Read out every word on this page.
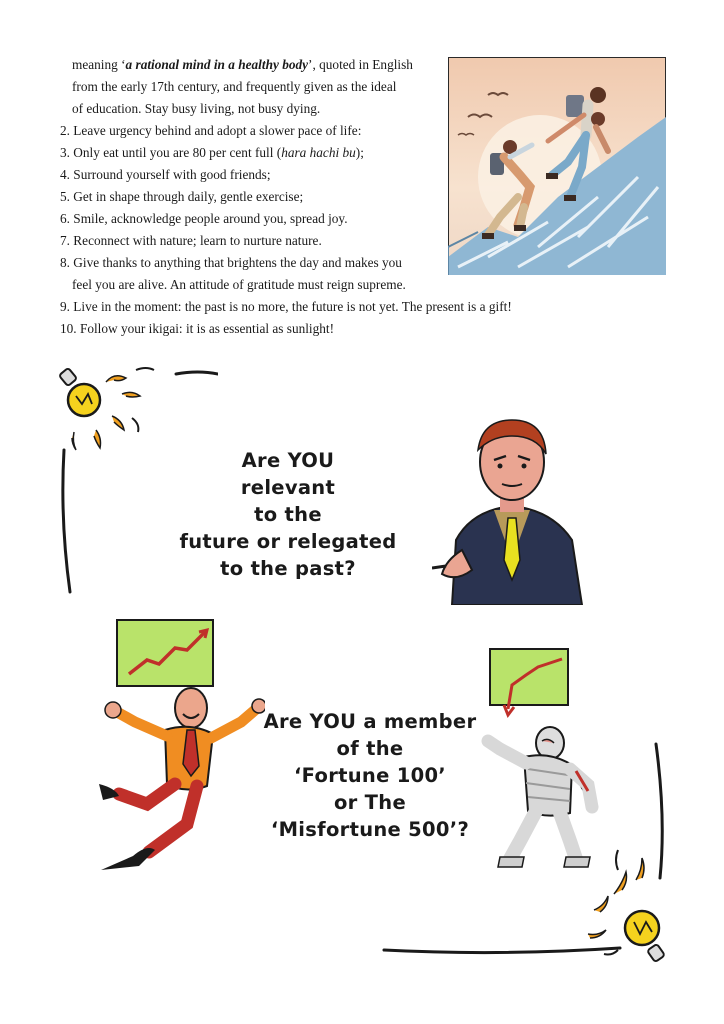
meaning ‘a rational mind in a healthy body’, quoted in English
from the early 17th century, and frequently given as the ideal
of education. Stay busy living, not busy dying.
2. Leave urgency behind and adopt a slower pace of life:
3. Only eat until you are 80 per cent full (hara hachi bu);
4. Surround yourself with good friends;
5. Get in shape through daily, gentle exercise;
6. Smile, acknowledge people around you, spread joy.
7. Reconnect with nature; learn to nurture nature.
8. Give thanks to anything that brightens the day and makes you
feel you are alive. An attitude of gratitude must reign supreme.
9. Live in the moment: the past is no more, the future is not yet. The present is a gift!
10. Follow your ikigai: it is as essential as sunlight!
Are YOU
relevant
to the
future or relegated
to the past?
Are YOU a member
of the
‘Fortune 100’
or The
‘Misfortune 500’?
